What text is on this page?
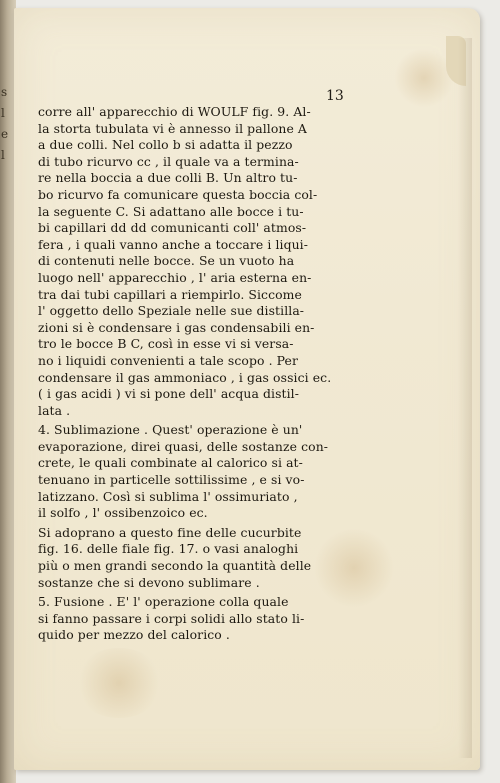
s
l
e
l
13
corre all' apparecchio di WOULF fig. 9. Al-
la storta tubulata vi è annesso il pallone A
a due colli. Nel collo b si adatta il pezzo
di tubo ricurvo cc , il quale va a termina-
re nella boccia a due colli B. Un altro tu-
bo ricurvo fa comunicare questa boccia col-
la seguente C. Si adattano alle bocce i tu-
bi capillari dd dd comunicanti coll' atmos-
fera , i quali vanno anche a toccare i liqui-
di contenuti nelle bocce. Se un vuoto ha
luogo nell' apparecchio , l' aria esterna en-
tra dai tubi capillari a riempirlo. Siccome
l' oggetto dello Speziale nelle sue distilla-
zioni si è condensare i gas condensabili en-
tro le bocce B C, così in esse vi si versa-
no i liquidi convenienti a tale scopo . Per
condensare il gas ammoniaco , i gas ossici ec.
( i gas acidi ) vi si pone dell' acqua distil-
lata .
4. Sublimazione . Quest' operazione è un'
evaporazione, direi quasi, delle sostanze con-
crete, le quali combinate al calorico si at-
tenuano in particelle sottilissime , e si vo-
latizzano. Così si sublima l' ossimuriato ,
il solfo , l' ossibenzoico ec.
Si adoprano a questo fine delle cucurbite
fig. 16. delle fiale fig. 17. o vasi analoghi
più o men grandi secondo la quantità delle
sostanze che si devono sublimare .
5. Fusione . E' l' operazione colla quale
si fanno passare i corpi solidi allo stato li-
quido per mezzo del calorico .
